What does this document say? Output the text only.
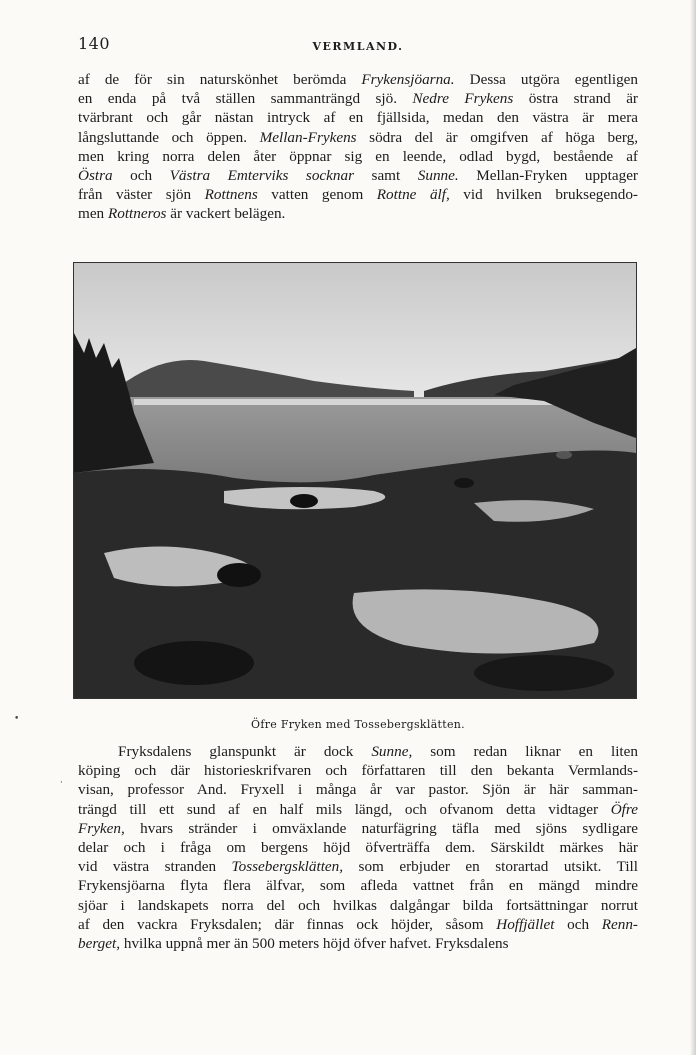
140	VERMLAND.
af de för sin naturskönhet berömda Frykensjöarna. Dessa utgöra egentligen
en enda på två ställen sammanträngd sjö. Nedre Frykens östra strand är
tvärbrant och går nästan intryck af en fjällsida, medan den västra är mera
långsluttande och öppen. Mellan-Frykens södra del är omgifven af höga berg,
men kring norra delen åter öppnar sig en leende, odlad bygd, bestående af
Östra och Västra Emterviks socknar samt Sunne. Mellan-Fryken upptager
från väster sjön Rottnens vatten genom Rottne älf, vid hvilken bruksegendo-
men Rottneros är vackert belägen.
Öfre Fryken med Tossebergsklätten.
Fryksdalens glanspunkt är dock Sunne, som redan liknar en liten
köping och där historieskrifvaren och författaren till den bekanta Vermlands-
visan, professor And. Fryxell i många år var pastor. Sjön är här samman-
trängd till ett sund af en half mils längd, och ofvanom detta vidtager Öfre
Fryken, hvars stränder i omväxlande naturfägring täfla med sjöns sydligare
delar och i fråga om bergens höjd öfverträffa dem. Särskildt märkes här
vid västra stranden Tossebergsklätten, som erbjuder en storartad utsikt. Till
Frykensjöarna flyta flera älfvar, som afleda vattnet från en mängd mindre
sjöar i landskapets norra del och hvilkas dalgångar bilda fortsättningar norrut
af den vackra Fryksdalen; där finnas ock höjder, såsom Hoffjället och Renn-
berget, hvilka uppnå mer än 500 meters höjd öfver hafvet. Fryksdalens
•
·
